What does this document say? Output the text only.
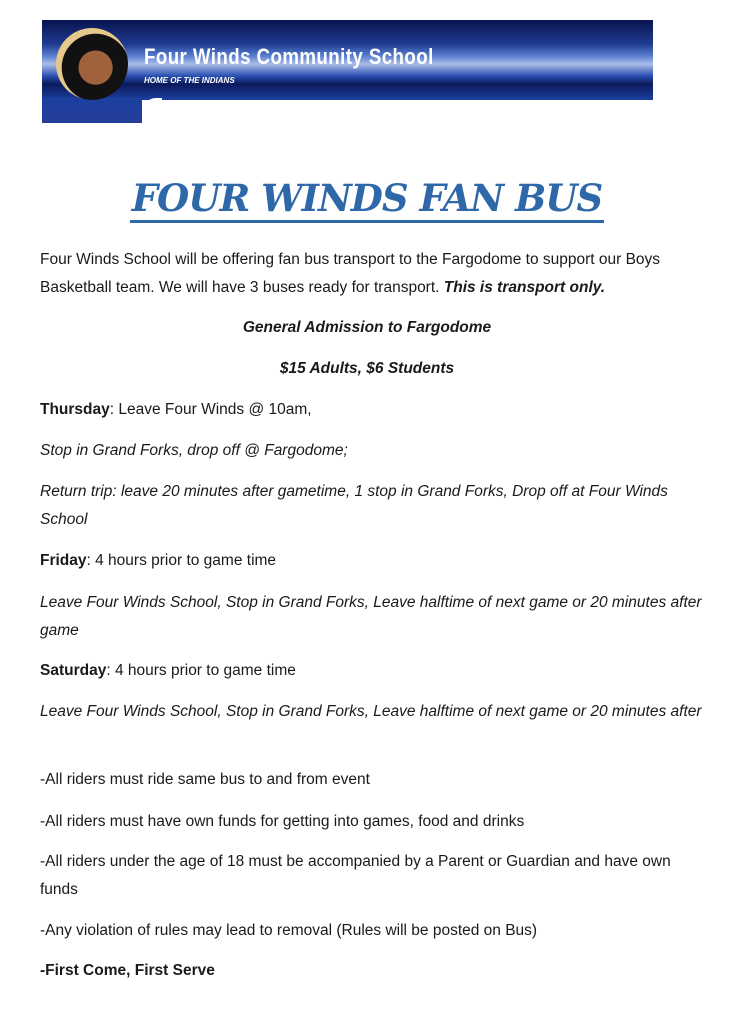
Four Winds Community School
HOME OF THE INDIANS
FOUR WINDS FAN BUS
Four Winds School will be offering fan bus transport to the Fargodome to support our Boys Basketball team. We will have 3 buses ready for transport. This is transport only.
General Admission to Fargodome
$15 Adults, $6 Students
Thursday: Leave Four Winds @ 10am,
Stop in Grand Forks, drop off @ Fargodome;
Return trip: leave 20 minutes after gametime, 1 stop in Grand Forks, Drop off at Four Winds School
Friday: 4 hours prior to game time
Leave Four Winds School, Stop in Grand Forks, Leave halftime of next game or 20 minutes after game
Saturday: 4 hours prior to game time
Leave Four Winds School, Stop in Grand Forks, Leave halftime of next game or 20 minutes after
-All riders must ride same bus to and from event
-All riders must have own funds for getting into games, food and drinks
-All riders under the age of 18 must be accompanied by a Parent or Guardian and have own funds
-Any violation of rules may lead to removal (Rules will be posted on Bus)
-First Come, First Serve
